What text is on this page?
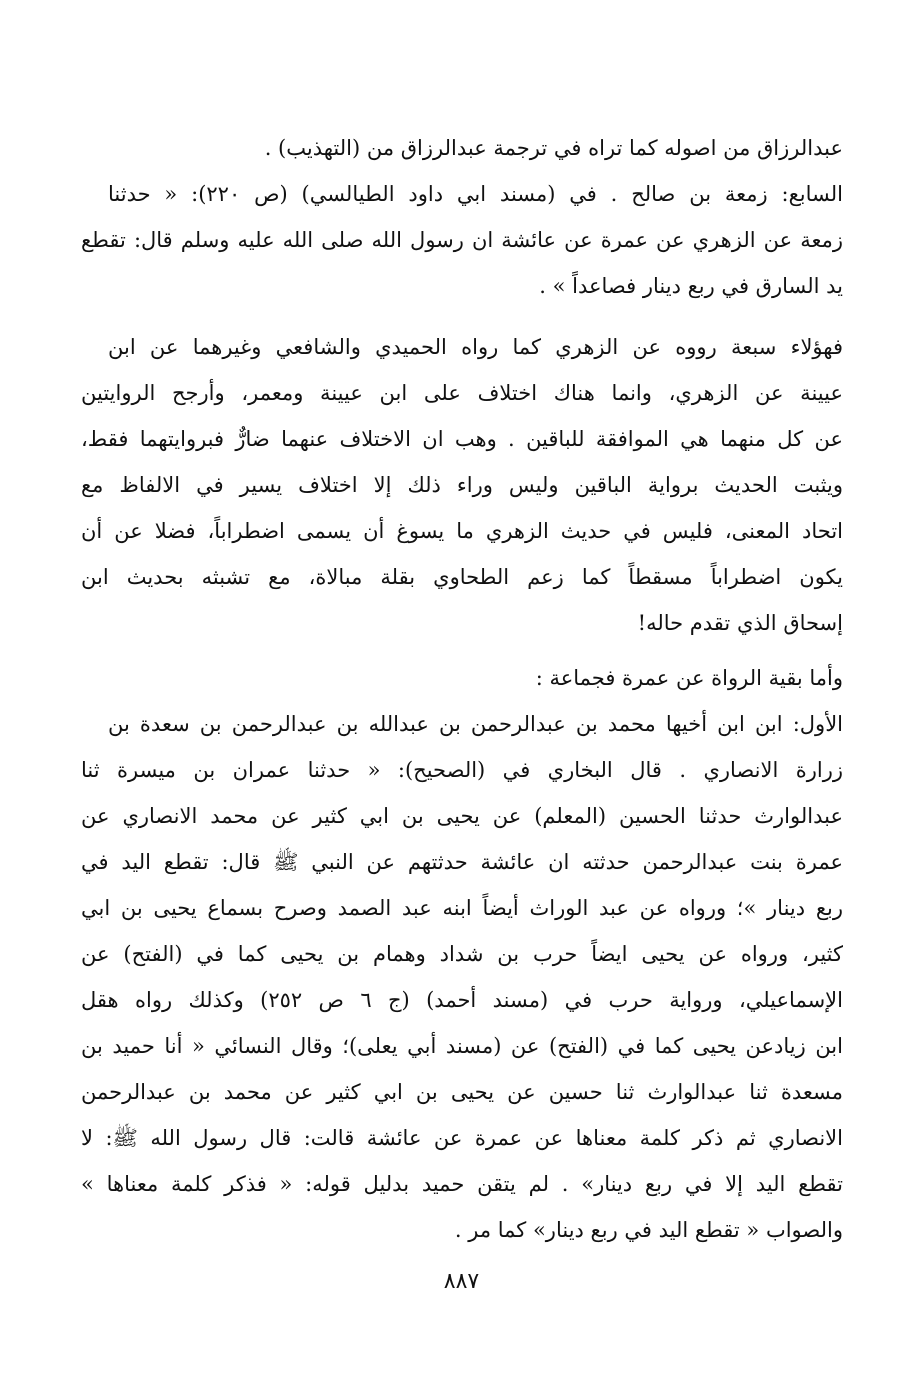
عبدالرزاق من اصوله كما تراه في ترجمة عبدالرزاق من (التهذيب) .
السابع: زمعة بن صالح . في (مسند ابي داود الطيالسي) (ص ٢٢٠): « حدثنا
زمعة عن الزهري عن عمرة عن عائشة ان رسول الله صلى الله عليه وسلم قال: تقطع
يد السارق في ربع دينار فصاعداً » .
فهؤلاء سبعة رووه عن الزهري كما رواه الحميدي والشافعي وغيرهما عن ابن
عيينة عن الزهري، وانما هناك اختلاف على ابن عيينة ومعمر، وأرجح الروايتين
عن كل منهما هي الموافقة للباقين . وهب ان الاختلاف عنهما ضارٌّ فبروايتهما فقط،
ويثبت الحديث برواية الباقين وليس وراء ذلك إلا اختلاف يسير في الالفاظ مع
اتحاد المعنى، فليس في حديث الزهري ما يسوغ أن يسمى اضطراباً، فضلا عن أن
يكون اضطراباً مسقطاً كما زعم الطحاوي بقلة مبالاة، مع تشبثه بحديث ابن
إسحاق الذي تقدم حاله!
وأما بقية الرواة عن عمرة فجماعة :
الأول: ابن ابن أخيها محمد بن عبدالرحمن بن عبدالله بن عبدالرحمن بن سعدة بن
زرارة الانصاري . قال البخاري في (الصحيح): « حدثنا عمران بن ميسرة ثنا
عبدالوارث حدثنا الحسين (المعلم) عن يحيى بن ابي كثير عن محمد الانصاري عن
عمرة بنت عبدالرحمن حدثته ان عائشة حدثتهم عن النبي ﷺ قال: تقطع اليد في
ربع دينار »؛ ورواه عن عبد الوراث أيضاً ابنه عبد الصمد وصرح بسماع يحيى بن ابي
كثير، ورواه عن يحيى ايضاً حرب بن شداد وهمام بن يحيى كما في (الفتح) عن
الإسماعيلي، ورواية حرب في (مسند أحمد) (ج ٦ ص ٢٥٢) وكذلك رواه هقل
ابن زيادعن يحيى كما في (الفتح) عن (مسند أبي يعلى)؛ وقال النسائي « أنا حميد بن
مسعدة ثنا عبدالوارث ثنا حسين عن يحيى بن ابي كثير عن محمد بن عبدالرحمن
الانصاري ثم ذكر كلمة معناها عن عمرة عن عائشة قالت: قال رسول الله ﷺ: لا
تقطع اليد إلا في ربع دينار» . لم يتقن حميد بدليل قوله: « فذكر كلمة معناها »
والصواب « تقطع اليد في ربع دينار» كما مر .
٨٨٧
